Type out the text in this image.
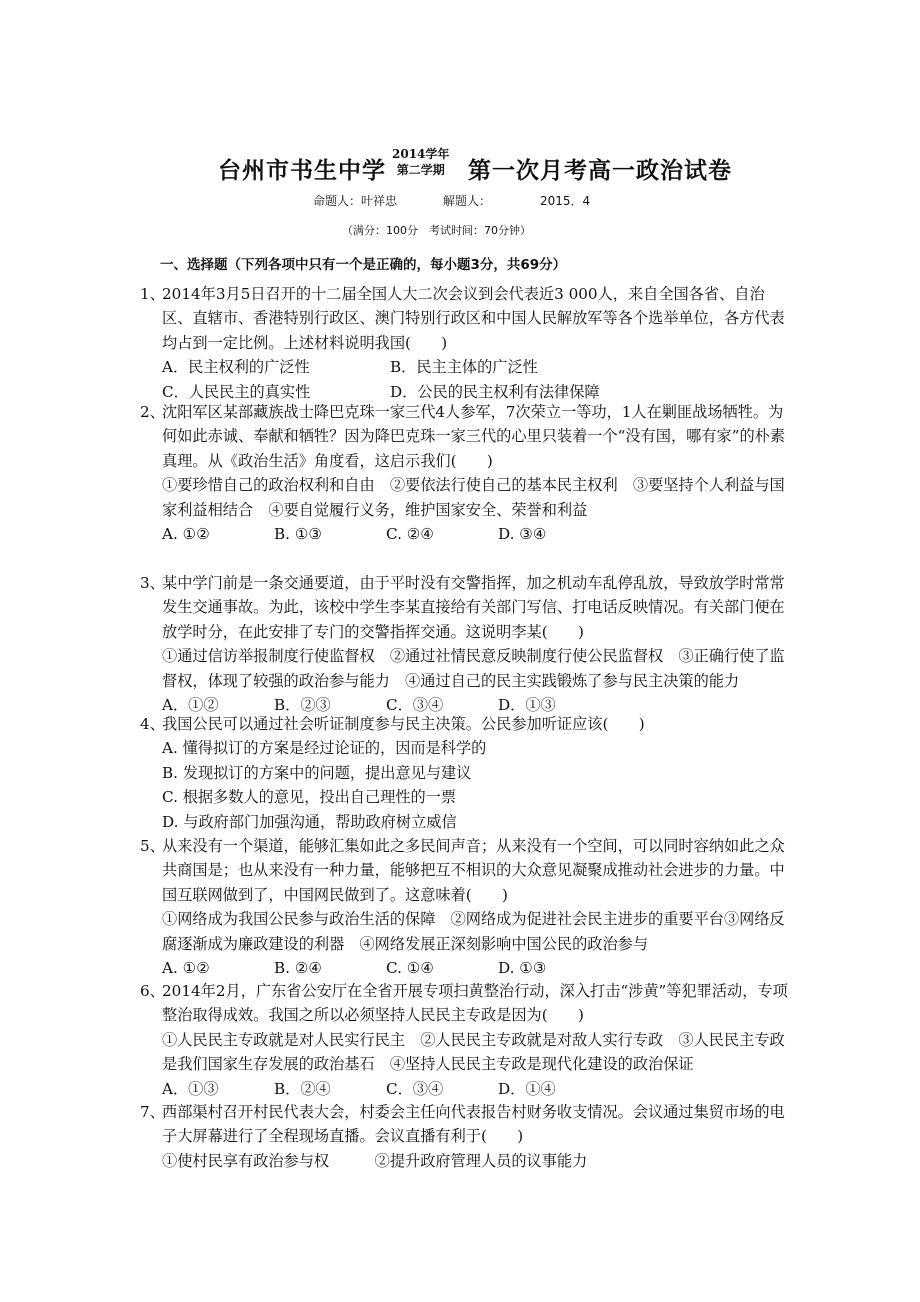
台州市书生中学
2014学年
第二学期 第一次月考高一政治试卷
命题人：叶祥忠	解题人：	2015．4
（满分：100分　考试时间：70分钟）
一、选择题（下列各项中只有一个是正确的，每小题3分，共69分）
1、
2014年3月5日召开的十二届全国人大二次会议到会代表近3 000人，来自全国各省、自治区、直辖市、香港特别行政区、澳门特别行政区和中国人民解放军等各个选举单位，各方代表均占到一定比例。上述材料说明我国(　　)
A．民主权利的广泛性	B．民主主体的广泛性
C．人民民主的真实性	D．公民的民主权利有法律保障
2、
沈阳军区某部藏族战士降巴克珠一家三代4人参军，7次荣立一等功，1人在剿匪战场牺牲。为何如此赤诚、奉献和牺牲？因为降巴克珠一家三代的心里只装着一个“没有国，哪有家”的朴素真理。从《政治生活》角度看，这启示我们(　　)
①要珍惜自己的政治权利和自由　②要依法行使自己的基本民主权利　③要坚持个人利益与国家利益相结合　④要自觉履行义务，维护国家安全、荣誉和利益
A. ①②	B. ①③	C. ②④	D. ③④
3、
某中学门前是一条交通要道，由于平时没有交警指挥，加之机动车乱停乱放，导致放学时常常发生交通事故。为此，该校中学生李某直接给有关部门写信、打电话反映情况。有关部门便在放学时分，在此安排了专门的交警指挥交通。这说明李某(　　)
①通过信访举报制度行使监督权　②通过社情民意反映制度行使公民监督权　③正确行使了监督权，体现了较强的政治参与能力　④通过自己的民主实践锻炼了参与民主决策的能力
A．①②	B．②③	C．③④	D．①③
4、
我国公民可以通过社会听证制度参与民主决策。公民参加听证应该(　　)
A. 懂得拟订的方案是经过论证的，因而是科学的
B. 发现拟订的方案中的问题，提出意见与建议
C. 根据多数人的意见，投出自己理性的一票
D. 与政府部门加强沟通，帮助政府树立威信
5、
从来没有一个渠道，能够汇集如此之多民间声音；从来没有一个空间，可以同时容纳如此之众共商国是；也从来没有一种力量，能够把互不相识的大众意见凝聚成推动社会进步的力量。中国互联网做到了，中国网民做到了。这意味着(　　)
①网络成为我国公民参与政治生活的保障　②网络成为促进社会民主进步的重要平台③网络反腐逐渐成为廉政建设的利器　④网络发展正深刻影响中国公民的政治参与
A. ①②	B. ②④	C. ①④	D. ①③
6、
2014年2月，广东省公安厅在全省开展专项扫黄整治行动，深入打击“涉黄”等犯罪活动，专项整治取得成效。我国之所以必须坚持人民民主专政是因为(　　)
①人民民主专政就是对人民实行民主　②人民民主专政就是对敌人实行专政　③人民民主专政是我们国家生存发展的政治基石　④坚持人民民主专政是现代化建设的政治保证
A．①③	B．②④	C．③④	D．①④
7、
西部渠村召开村民代表大会，村委会主任向代表报告村财务收支情况。会议通过集贸市场的电子大屏幕进行了全程现场直播。会议直播有利于(　　)
①使村民享有政治参与权　　　②提升政府管理人员的议事能力
